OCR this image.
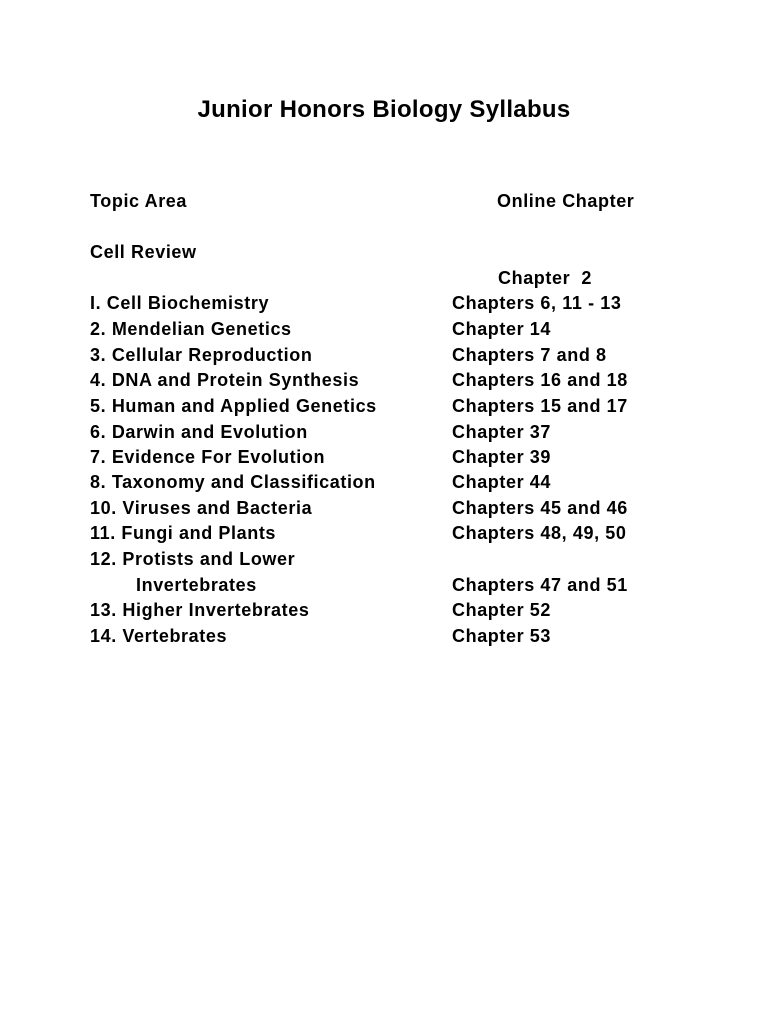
Junior Honors Biology Syllabus
Topic Area	Online Chapter
Cell Review
Chapter  2
I. Cell Biochemistry	Chapters 6, 11 - 13
2. Mendelian Genetics	Chapter 14
3. Cellular Reproduction	Chapters 7 and 8
4. DNA and Protein Synthesis	Chapters 16 and 18
5. Human and Applied Genetics	Chapters 15 and 17
6. Darwin and Evolution	Chapter 37
7. Evidence For Evolution	Chapter 39
8. Taxonomy and Classification	Chapter 44
10. Viruses and Bacteria	Chapters 45 and 46
11. Fungi and Plants	Chapters 48, 49, 50
12. Protists and Lower
Invertebrates	Chapters 47 and 51
13. Higher Invertebrates	Chapter 52
14. Vertebrates	Chapter 53
